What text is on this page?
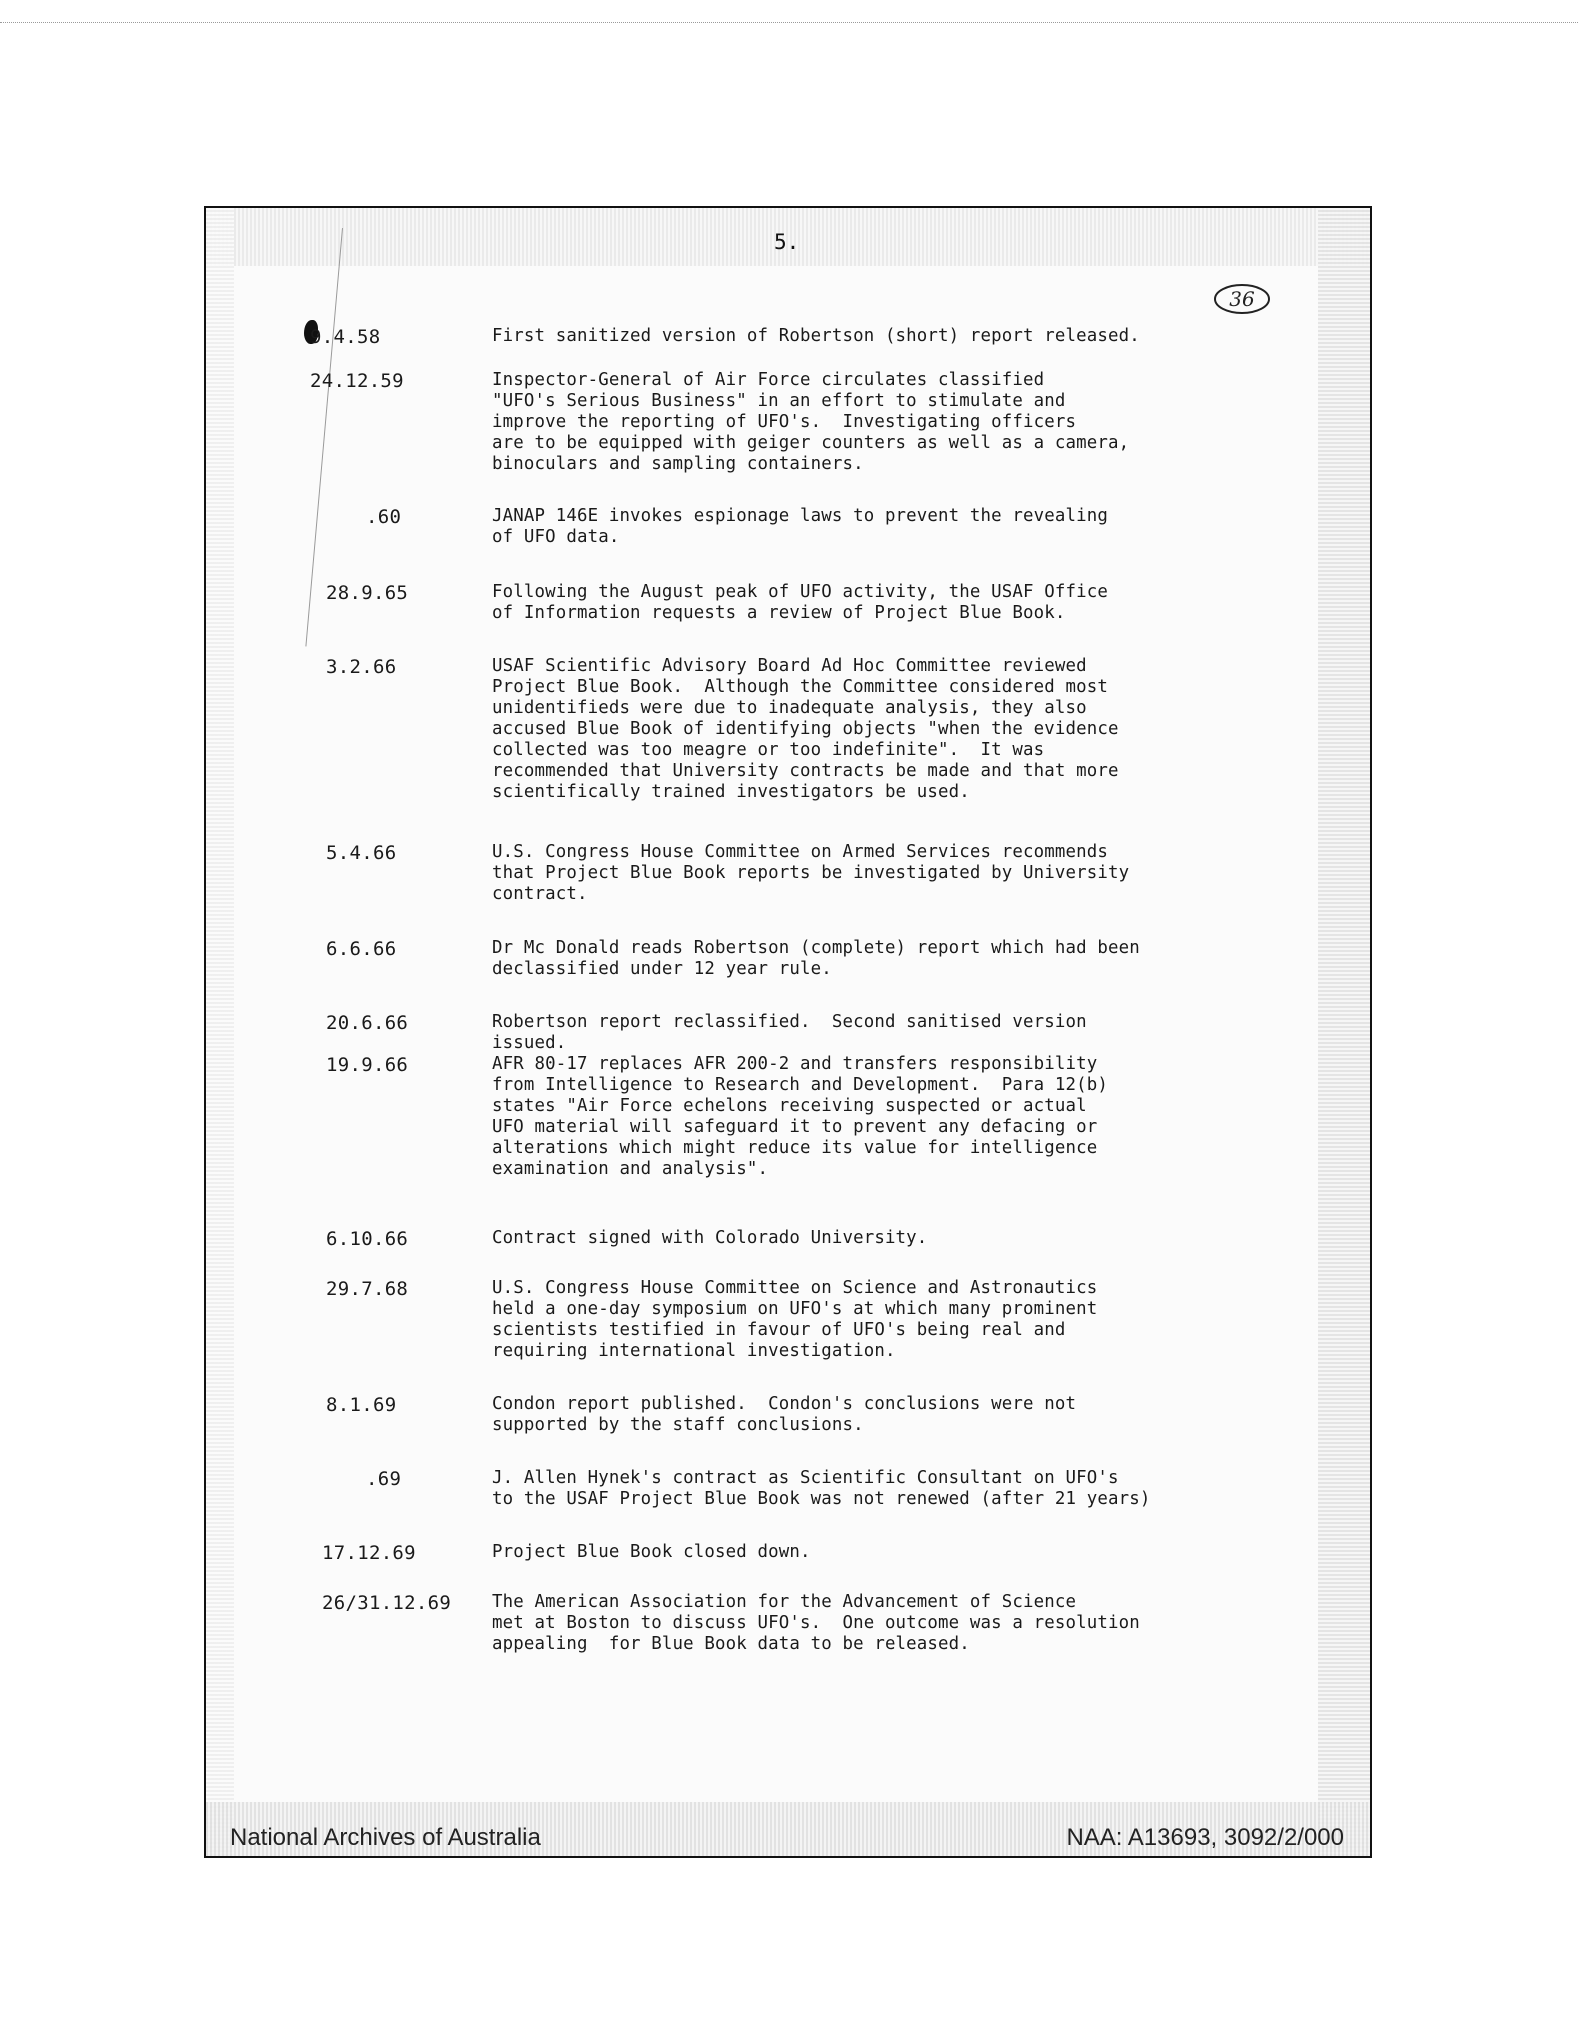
5.
36
9.4.58	First sanitized version of Robertson (short) report released.
24.12.59	Inspector-General of Air Force circulates classified
"UFO's Serious Business" in an effort to stimulate and
improve the reporting of UFO's.  Investigating officers
are to be equipped with geiger counters as well as a camera,
binoculars and sampling containers.
.60	JANAP 146E invokes espionage laws to prevent the revealing
of UFO data.
28.9.65	Following the August peak of UFO activity, the USAF Office
of Information requests a review of Project Blue Book.
3.2.66	USAF Scientific Advisory Board Ad Hoc Committee reviewed
Project Blue Book.  Although the Committee considered most
unidentifieds were due to inadequate analysis, they also
accused Blue Book of identifying objects "when the evidence
collected was too meagre or too indefinite".  It was
recommended that University contracts be made and that more
scientifically trained investigators be used.
5.4.66	U.S. Congress House Committee on Armed Services recommends
that Project Blue Book reports be investigated by University
contract.
6.6.66	Dr Mc Donald reads Robertson (complete) report which had been
declassified under 12 year rule.
20.6.66	Robertson report reclassified.  Second sanitised version
issued.
19.9.66	AFR 80-17 replaces AFR 200-2 and transfers responsibility
from Intelligence to Research and Development.  Para 12(b)
states "Air Force echelons receiving suspected or actual
UFO material will safeguard it to prevent any defacing or
alterations which might reduce its value for intelligence
examination and analysis".
6.10.66	Contract signed with Colorado University.
29.7.68	U.S. Congress House Committee on Science and Astronautics
held a one-day symposium on UFO's at which many prominent
scientists testified in favour of UFO's being real and
requiring international investigation.
8.1.69	Condon report published.  Condon's conclusions were not
supported by the staff conclusions.
.69	J. Allen Hynek's contract as Scientific Consultant on UFO's
to the USAF Project Blue Book was not renewed (after 21 years)
17.12.69	Project Blue Book closed down.
26/31.12.69 The American Association for the Advancement of Science
met at Boston to discuss UFO's.  One outcome was a resolution
appealing  for Blue Book data to be released.
National Archives of Australia	NAA: A13693, 3092/2/000
